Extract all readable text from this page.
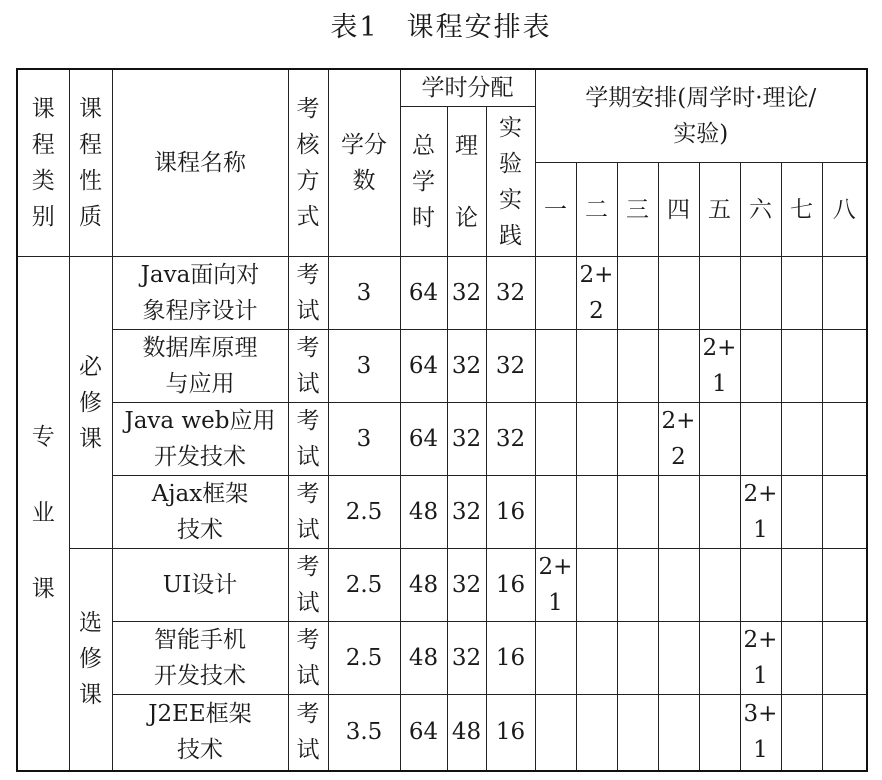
表1 课程安排表
课
程
类
别	课
程
性
质	课程名称	考
核
方
式	学分
数	学时分配			学期安排(周学时·理论/
实验)							
					总
学
时	理

论	实
验
实
践								
								一	二	三	四	五	六	七	八
专
业
课	必
修
课	Java面向对
象程序设计	考
试	3	64	32	32		2+
2						
		数据库原理
与应用	考
试	3	64	32	32					2+
1			
		Java web应用
开发技术	考
试	3	64	32	32				2+
2				
		Ajax框架
技术	考
试	2.5	48	32	16						2+
1		
	选
修
课	UI设计	考
试	2.5	48	32	16	2+
1							
		智能手机
开发技术	考
试	2.5	48	32	16						2+
1		
		J2EE框架
技术	考
试	3.5	64	48	16						3+
1		
